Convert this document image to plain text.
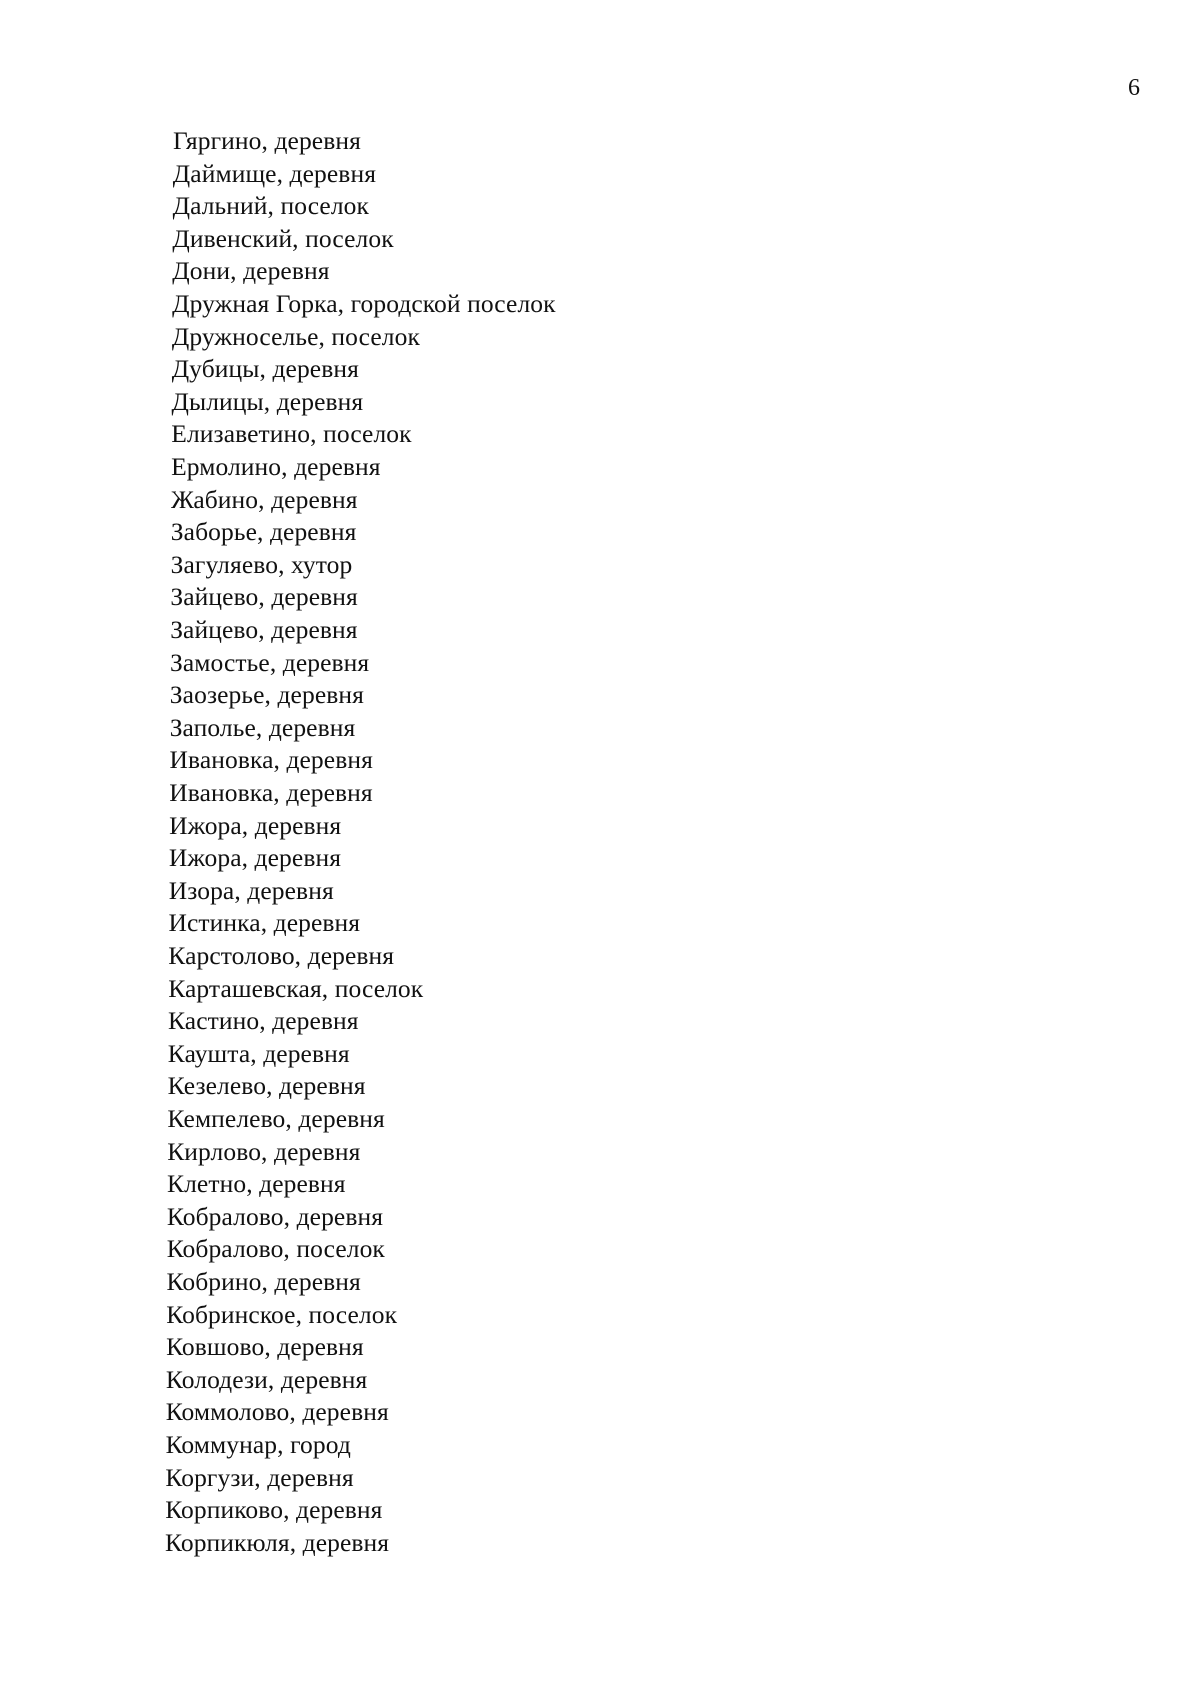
6
Гяргино, деревня
Даймище, деревня
Дальний, поселок
Дивенский, поселок
Дони, деревня
Дружная Горка, городской поселок
Дружноселье, поселок
Дубицы, деревня
Дылицы, деревня
Елизаветино, поселок
Ермолино, деревня
Жабино, деревня
Заборье, деревня
Загуляево, хутор
Зайцево, деревня
Зайцево, деревня
Замостье, деревня
Заозерье, деревня
Заполье, деревня
Ивановка, деревня
Ивановка, деревня
Ижора, деревня
Ижора, деревня
Изора, деревня
Истинка, деревня
Карстолово, деревня
Карташевская, поселок
Кастино, деревня
Каушта, деревня
Кезелево, деревня
Кемпелево, деревня
Кирлово, деревня
Клетно, деревня
Кобралово, деревня
Кобралово, поселок
Кобрино, деревня
Кобринское, поселок
Ковшово, деревня
Колодези, деревня
Коммолово, деревня
Коммунар, город
Коргузи, деревня
Корпиково, деревня
Корпикюля, деревня
